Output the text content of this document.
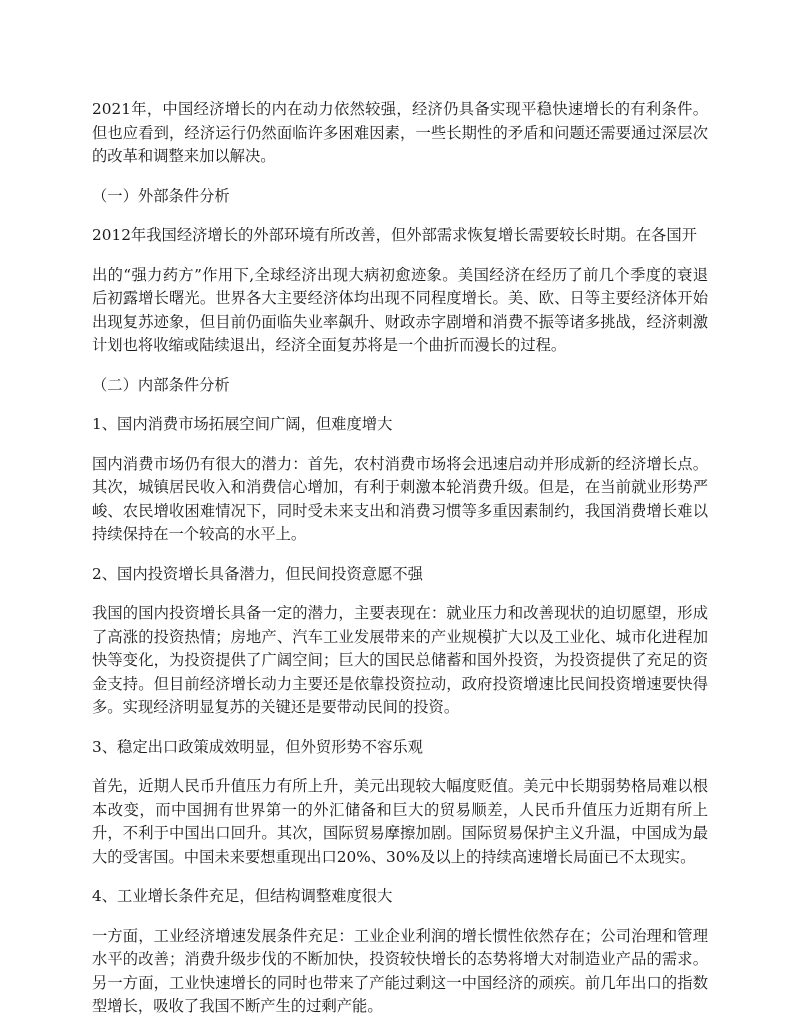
2021年，中国经济增长的内在动力依然较强，经济仍具备实现平稳快速增长的有利条件。但也应看到，经济运行仍然面临许多困难因素，一些长期性的矛盾和问题还需要通过深层次的改革和调整来加以解决。

（一）外部条件分析

2012年我国经济增长的外部环境有所改善，但外部需求恢复增长需要较长时期。在各国开

出的“强力药方”作用下,全球经济出现大病初愈迹象。美国经济在经历了前几个季度的衰退后初露增长曙光。世界各大主要经济体均出现不同程度增长。美、欧、日等主要经济体开始出现复苏迹象，但目前仍面临失业率飙升、财政赤字剧增和消费不振等诸多挑战，经济刺激计划也将收缩或陆续退出，经济全面复苏将是一个曲折而漫长的过程。

（二）内部条件分析

1、国内消费市场拓展空间广阔，但难度增大

国内消费市场仍有很大的潜力：首先，农村消费市场将会迅速启动并形成新的经济增长点。其次，城镇居民收入和消费信心增加，有利于刺激本轮消费升级。但是，在当前就业形势严峻、农民增收困难情况下，同时受未来支出和消费习惯等多重因素制约，我国消费增长难以持续保持在一个较高的水平上。

2、国内投资增长具备潜力，但民间投资意愿不强

我国的国内投资增长具备一定的潜力，主要表现在：就业压力和改善现状的迫切愿望，形成了高涨的投资热情；房地产、汽车工业发展带来的产业规模扩大以及工业化、城市化进程加快等变化，为投资提供了广阔空间；巨大的国民总储蓄和国外投资，为投资提供了充足的资金支持。但目前经济增长动力主要还是依靠投资拉动，政府投资增速比民间投资增速要快得多。实现经济明显复苏的关键还是要带动民间的投资。

3、稳定出口政策成效明显，但外贸形势不容乐观

首先，近期人民币升值压力有所上升，美元出现较大幅度贬值。美元中长期弱势格局难以根本改变，而中国拥有世界第一的外汇储备和巨大的贸易顺差，人民币升值压力近期有所上升，不利于中国出口回升。其次，国际贸易摩擦加剧。国际贸易保护主义升温，中国成为最大的受害国。中国未来要想重现出口20%、30%及以上的持续高速增长局面已不太现实。

4、工业增长条件充足，但结构调整难度很大

一方面，工业经济增速发展条件充足：工业企业利润的增长惯性依然存在；公司治理和管理水平的改善；消费升级步伐的不断加快，投资较快增长的态势将增大对制造业产品的需求。另一方面，工业快速增长的同时也带来了产能过剩这一中国经济的顽疾。前几年出口的指数型增长，吸收了我国不断产生的过剩产能。
